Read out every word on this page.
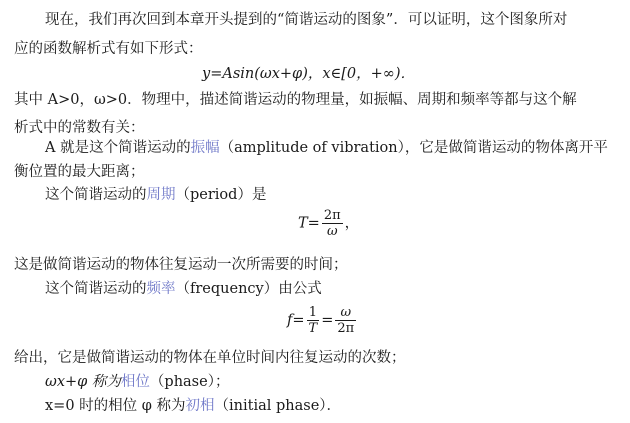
现在，我们再次回到本章开头提到的“简谐运动的图象”．可以证明，这个图象所对
应的函数解析式有如下形式：
y=Asin(ωx+φ)，x∈[0，+∞)．
其中 A>0，ω>0．物理中，描述简谐运动的物理量，如振幅、周期和频率等都与这个解
析式中的常数有关：
A 就是这个简谐运动的振幅（amplitude of vibration），它是做简谐运动的物体离开平
衡位置的最大距离；
这个简谐运动的周期（period）是
$T= \frac{2\pi}{\omega}$ ，
这是做简谐运动的物体往复运动一次所需要的时间；
这个简谐运动的频率（frequency）由公式
$f= \frac{1}{T} = \frac{\omega}{2\pi}$
给出，它是做简谐运动的物体在单位时间内往复运动的次数；
ωx+φ 称为相位（phase）；
x=0 时的相位 φ 称为初相（initial phase）．
